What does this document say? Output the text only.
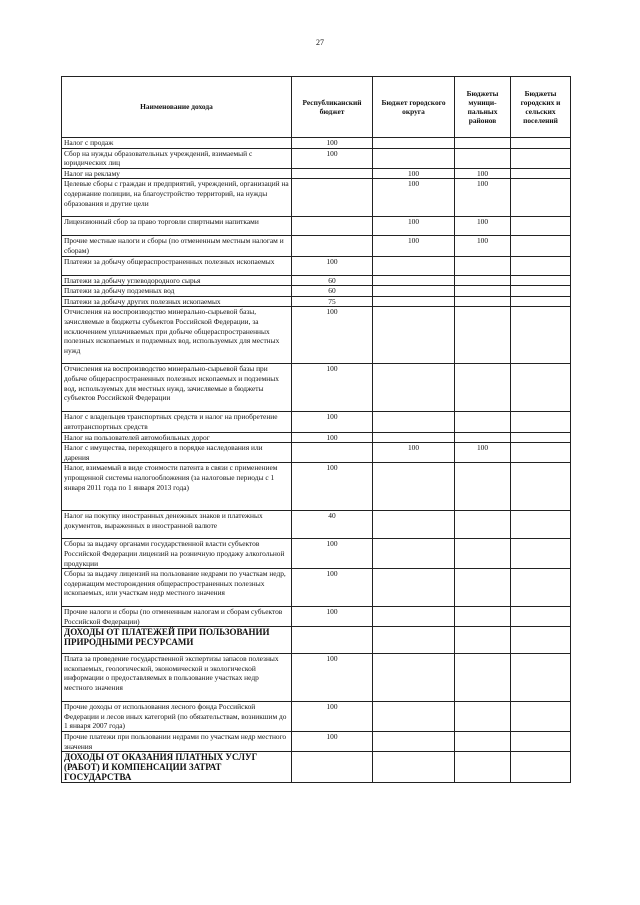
27
Наименование дохода	Республиканский бюджет	Бюджет городского округа	Бюджеты муници-пальных районов	Бюджеты городских и сельских поселений
Налог с продаж	100			
Сбор на нужды образовательных учреждений, взимаемый с юридических лиц	100			
Налог на рекламу		100	100	
Целевые сборы с граждан и предприятий, учреждений, организаций на содержание полиции, на благоустройство территорий, на нужды образования и другие цели		100	100	
Лицензионный сбор за право торговли спиртными напитками		100	100	
Прочие местные налоги и сборы (по отмененным местным налогам и сборам)		100	100	
Платежи за добычу общераспространенных полезных ископаемых	100			
Платежи за добычу углеводородного сырья	60			
Платежи за добычу подземных вод	60			
Платежи за добычу других полезных ископаемых	75			
Отчисления на воспроизводство минерально-сырьевой базы, зачисляемые в бюджеты субъектов Российской Федерации, за исключением уплачиваемых при добыче общераспространенных полезных ископаемых и подземных вод, используемых для местных нужд	100			
Отчисления на воспроизводство минерально-сырьевой базы при добыче общераспространенных полезных ископаемых и подземных вод, используемых для местных нужд, зачисляемые в бюджеты субъектов Российской Федерации	100			
Налог с владельцев транспортных средств и налог на приобретение автотранспортных средств	100			
Налог на пользователей автомобильных дорог	100			
Налог с имущества, переходящего в порядке наследования или дарения		100	100	
Налог, взимаемый в виде стоимости патента в связи с применением упрощенной системы налогообложения (за налоговые периоды с 1 января 2011 года по 1 января 2013 года)	100			
Налог на покупку иностранных денежных знаков и платежных документов, выраженных в иностранной валюте	40			
Сборы за выдачу органами государственной власти субъектов Российской Федерации лицензий на розничную продажу алкогольной продукции	100			
Сборы за выдачу лицензий на пользование недрами по участкам недр, содержащим месторождения общераспространенных полезных ископаемых, или участкам недр местного значения	100			
Прочие налоги и сборы (по отмененным налогам и сборам субъектов Российской Федерации)	100			
ДОХОДЫ ОТ ПЛАТЕЖЕЙ ПРИ ПОЛЬЗОВАНИИ ПРИРОДНЫМИ РЕСУРСАМИ				
Плата за проведение государственной экспертизы запасов полезных ископаемых, геологической, экономической и экологической информации о предоставляемых в пользование участках недр местного значения	100			
Прочие доходы от использования лесного фонда Российской Федерации и лесов иных категорий (по обязательствам, возникшим до 1 января 2007 года)	100			
Прочие платежи при пользовании недрами по участкам недр местного значения	100			
ДОХОДЫ ОТ ОКАЗАНИЯ ПЛАТНЫХ УСЛУГ (РАБОТ) И КОМПЕНСАЦИИ ЗАТРАТ ГОСУДАРСТВА				
